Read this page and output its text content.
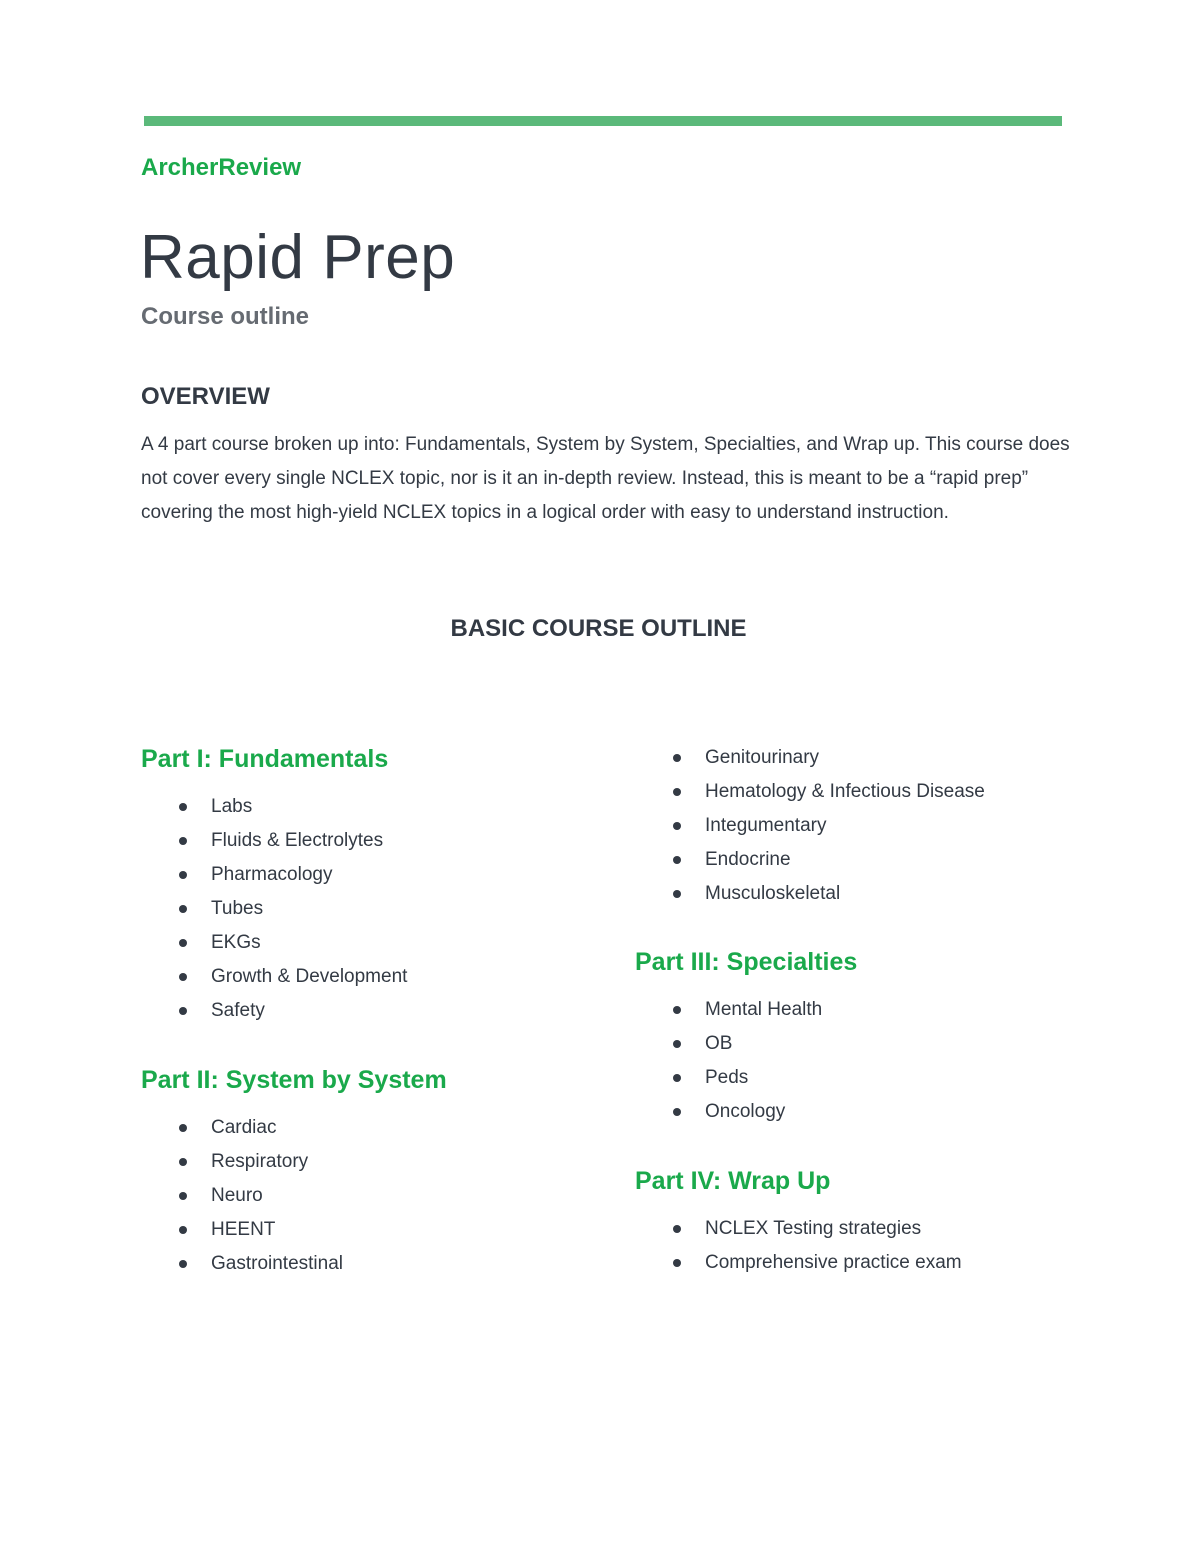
ArcherReview
Rapid Prep
Course outline
OVERVIEW

A 4 part course broken up into: Fundamentals, System by System, Specialties, and Wrap up. This course does not cover every single NCLEX topic, nor is it an in-depth review. Instead, this is meant to be a “rapid prep” covering the most high-yield NCLEX topics in a logical order with easy to understand instruction.

BASIC COURSE OUTLINE
Part I: Fundamentals
Labs
Fluids & Electrolytes
Pharmacology
Tubes
EKGs
Growth & Development
Safety
Part II: System by System
Cardiac
Respiratory
Neuro
HEENT
Gastrointestinal
Genitourinary
Hematology & Infectious Disease
Integumentary
Endocrine
Musculoskeletal
Part III: Specialties
Mental Health
OB
Peds
Oncology
Part IV: Wrap Up
NCLEX Testing strategies
Comprehensive practice exam
